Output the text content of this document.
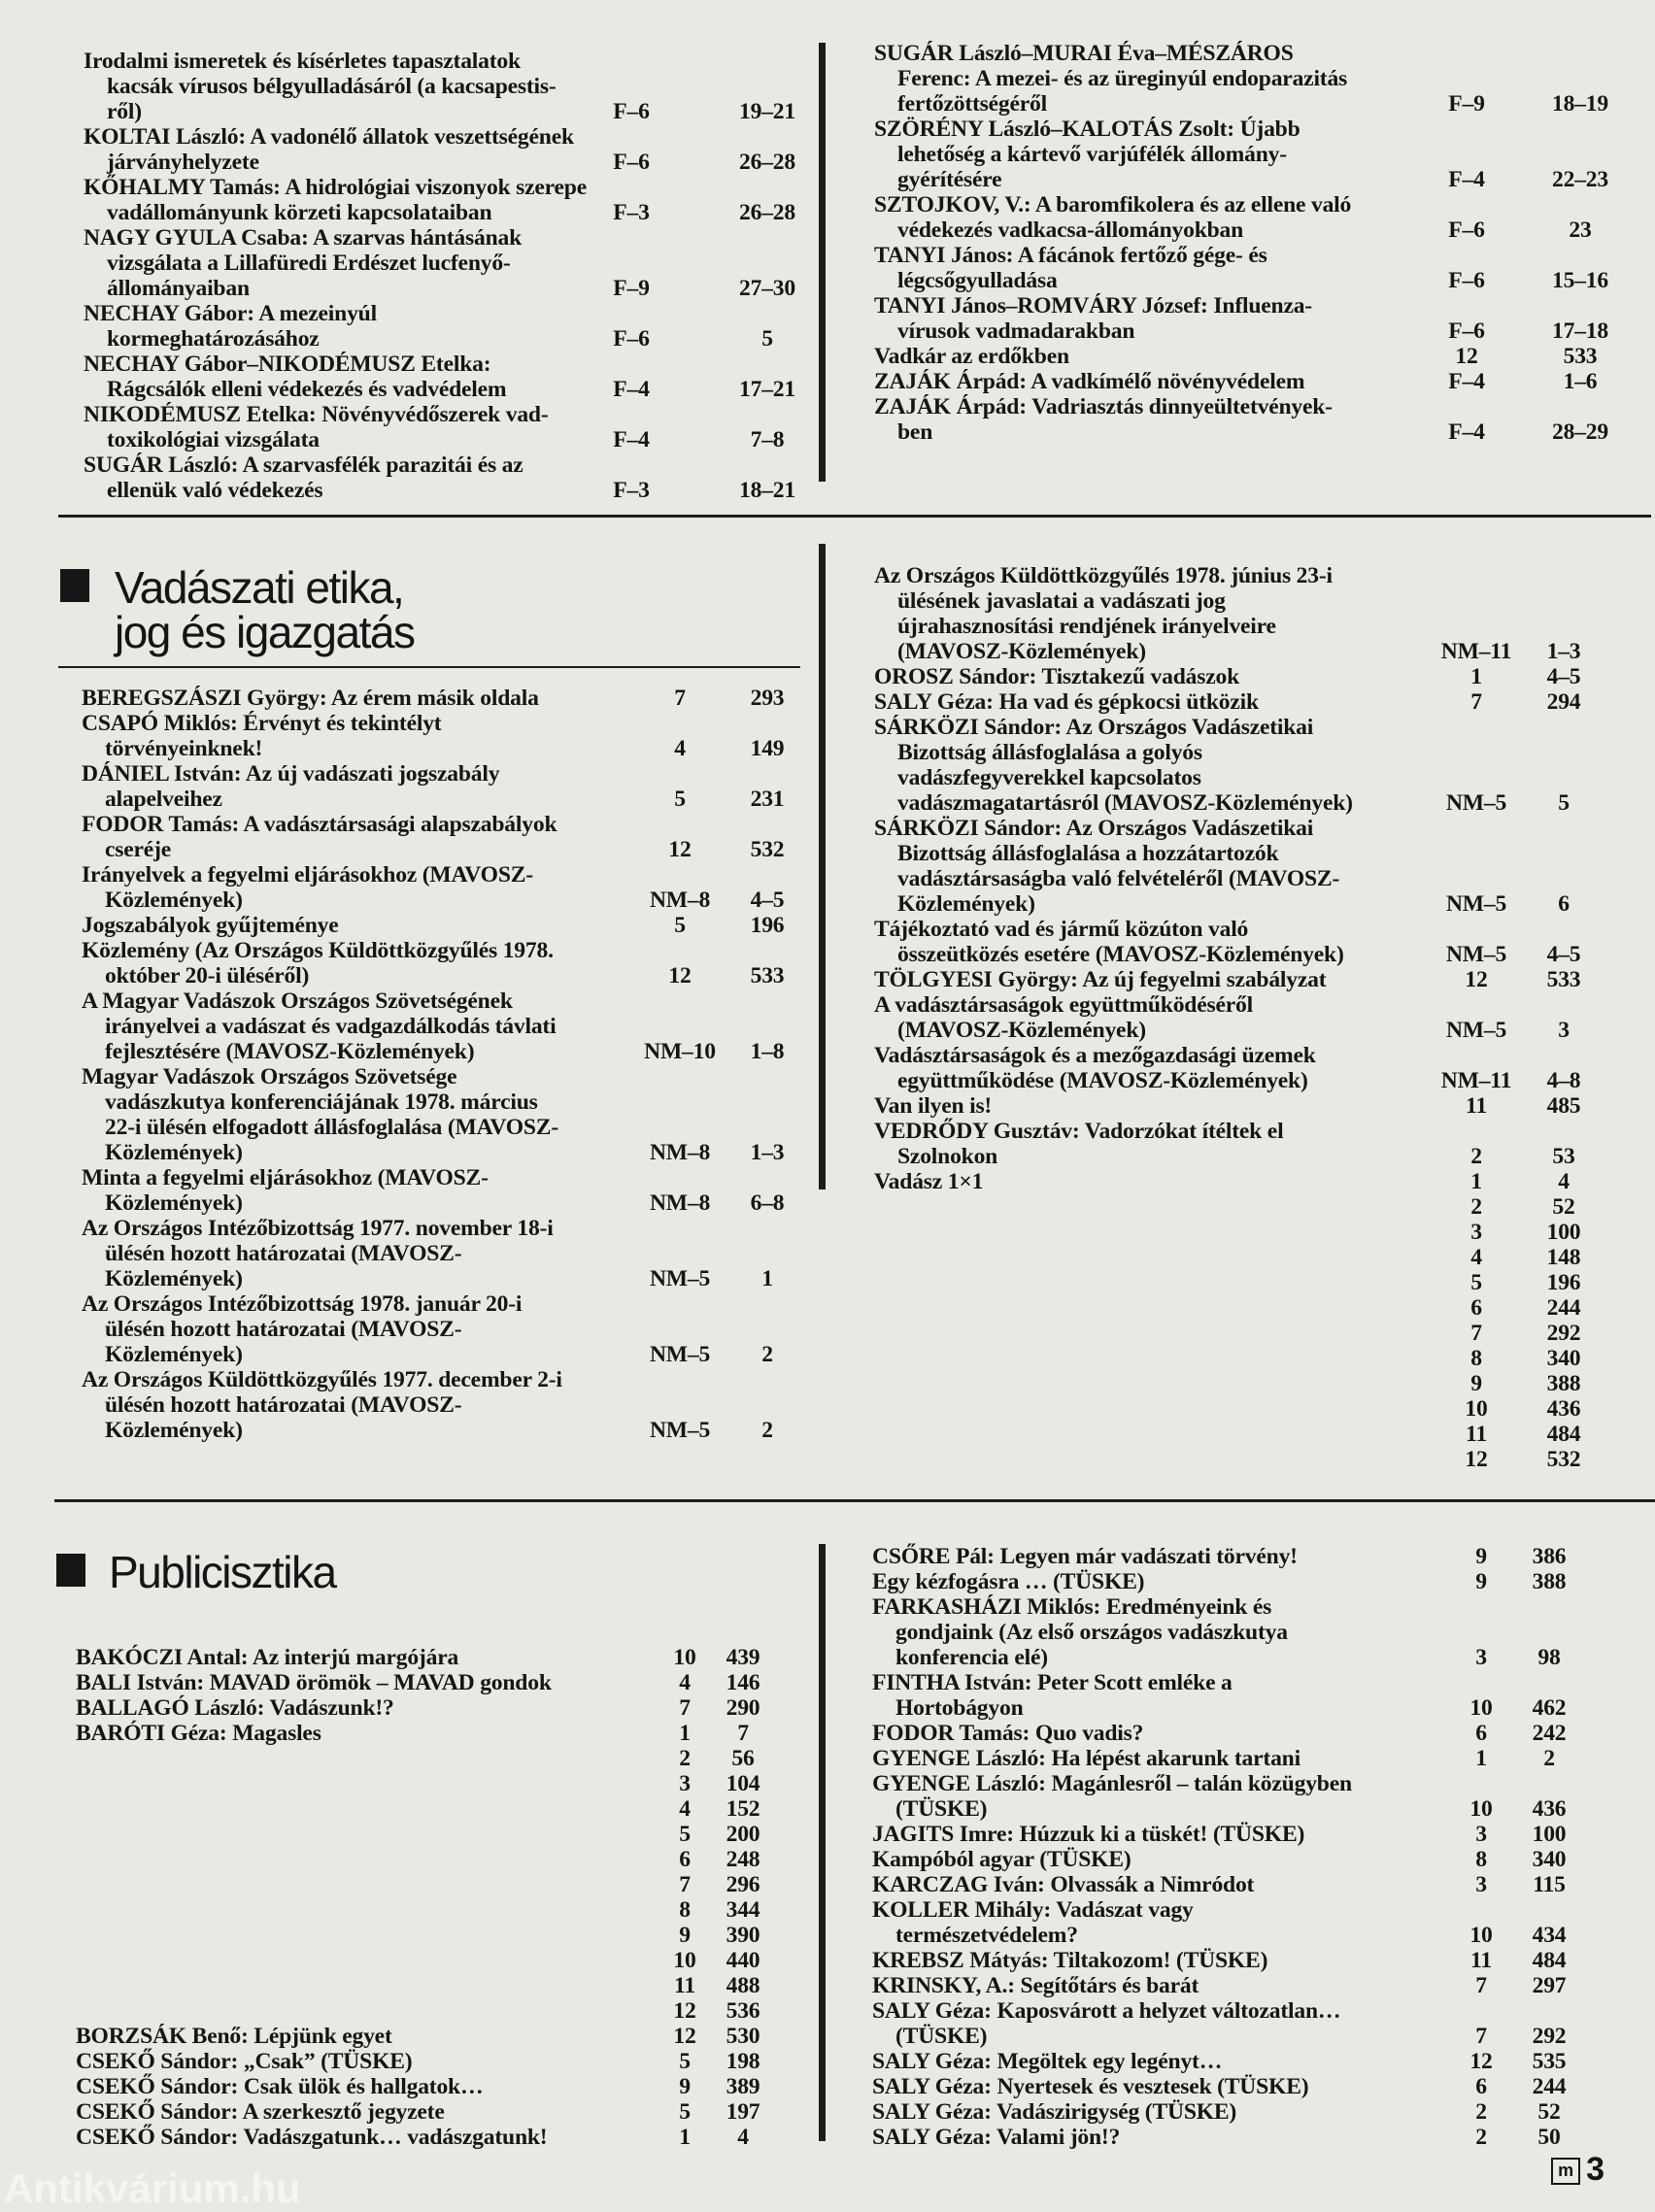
Vadászati etika,
jog és igazgatás
Publicisztika
Irodalmi ismeretek és kísérletes tapasztalatok kacsák vírusos bélgyulladásáról (a kacsapestis-ről)	F–6	19–21
KOLTAI László: A vadonélő állatok veszettségének járványhelyzete	F–6	26–28
KŐHALMY Tamás: A hidrológiai viszonyok szerepe vadállományunk körzeti kapcsolataiban	F–3	26–28
NAGY GYULA Csaba: A szarvas hántásának vizsgálata a Lillafüredi Erdészet lucfenyő-állományaiban	F–9	27–30
NECHAY Gábor: A mezeinyúl kormeghatározásához	F–6	5
NECHAY Gábor–NIKODÉMUSZ Etelka: Rágcsálók elleni védekezés és vadvédelem	F–4	17–21
NIKODÉMUSZ Etelka: Növényvédőszerek vad-toxikológiai vizsgálata	F–4	7–8
SUGÁR László: A szarvasfélék parazitái és az ellenük való védekezés	F–3	18–21
SUGÁR László–MURAI Éva–MÉSZÁROS Ferenc: A mezei- és az üreginyúl endoparazitás fertőzöttségéről	F–9	18–19
SZÖRÉNY László–KALOTÁS Zsolt: Újabb lehetőség a kártevő varjúfélék állomány-gyérítésére	F–4	22–23
SZTOJKOV, V.: A baromfikolera és az ellene való védekezés vadkacsa-állományokban	F–6	23
TANYI János: A fácánok fertőző gége- és légcsőgyulladása	F–6	15–16
TANYI János–ROMVÁRY József: Influenza-vírusok vadmadarakban	F–6	17–18
Vadkár az erdőkben	12	533
ZAJÁK Árpád: A vadkímélő növényvédelem	F–4	1–6
ZAJÁK Árpád: Vadriasztás dinnyeültetvények-ben	F–4	28–29
BEREGSZÁSZI György: Az érem másik oldala	7	293
CSAPÓ Miklós: Érvényt és tekintélyt törvényeinknek!	4	149
DÁNIEL István: Az új vadászati jogszabály alapelveihez	5	231
FODOR Tamás: A vadásztársasági alapszabályok cseréje	12	532
Irányelvek a fegyelmi eljárásokhoz (MAVOSZ-Közlemények)	NM–8	4–5
Jogszabályok gyűjteménye	5	196
Közlemény (Az Országos Küldöttközgyűlés 1978. október 20-i üléséről)	12	533
A Magyar Vadászok Országos Szövetségének irányelvei a vadászat és vadgazdálkodás távlati fejlesztésére (MAVOSZ-Közlemények)	NM–10	1–8
Magyar Vadászok Országos Szövetsége vadászkutya konferenciájának 1978. március 22-i ülésén elfogadott állásfoglalása (MAVOSZ-Közlemények)	NM–8	1–3
Minta a fegyelmi eljárásokhoz (MAVOSZ-Közlemények)	NM–8	6–8
Az Országos Intézőbizottság 1977. november 18-i ülésén hozott határozatai (MAVOSZ-Közlemények)	NM–5	1
Az Országos Intézőbizottság 1978. január 20-i ülésén hozott határozatai (MAVOSZ-Közlemények)	NM–5	2
Az Országos Küldöttközgyűlés 1977. december 2-i ülésén hozott határozatai (MAVOSZ-Közlemények)	NM–5	2
Az Országos Küldöttközgyűlés 1978. június 23-i ülésének javaslatai a vadászati jog újrahasznosítási rendjének irányelveire (MAVOSZ-Közlemények)	NM–11	1–3
OROSZ Sándor: Tisztakezű vadászok	1	4–5
SALY Géza: Ha vad és gépkocsi ütközik	7	294
SÁRKÖZI Sándor: Az Országos Vadászetikai Bizottság állásfoglalása a golyós vadászfegyverekkel kapcsolatos vadászmagatartásról (MAVOSZ-Közlemények)	NM–5	5
SÁRKÖZI Sándor: Az Országos Vadászetikai Bizottság állásfoglalása a hozzátartozók vadásztársaságba való felvételéről (MAVOSZ-Közlemények)	NM–5	6
Tájékoztató vad és jármű közúton való összeütközés esetére (MAVOSZ-Közlemények)	NM–5	4–5
TÖLGYESI György: Az új fegyelmi szabályzat	12	533
A vadásztársaságok együttműködéséről (MAVOSZ-Közlemények)	NM–5	3
Vadásztársaságok és a mezőgazdasági üzemek együttműködése (MAVOSZ-Közlemények)	NM–11	4–8
Van ilyen is!	11	485
VEDRŐDY Gusztáv: Vadorzókat ítéltek el Szolnokon	2	53
Vadász 1×1	1	4

2	52

3	100

4	148

5	196

6	244

7	292

8	340

9	388

10	436

11	484

12	532
BAKÓCZI Antal: Az interjú margójára	10	439
BALI István: MAVAD örömök – MAVAD gondok	4	146
BALLAGÓ László: Vadászunk!?	7	290
BARÓTI Géza: Magasles	1	7

2	56

3	104

4	152

5	200

6	248

7	296

8	344

9	390

10	440

11	488

12	536
BORZSÁK Benő: Lépjünk egyet	12	530
CSEKŐ Sándor: „Csak” (TÜSKE)	5	198
CSEKŐ Sándor: Csak ülök és hallgatok…	9	389
CSEKŐ Sándor: A szerkesztő jegyzete	5	197
CSEKŐ Sándor: Vadászgatunk… vadászgatunk!	1	4
CSŐRE Pál: Legyen már vadászati törvény!	9	386
Egy kézfogásra … (TÜSKE)	9	388
FARKASHÁZI Miklós: Eredményeink és gondjaink (Az első országos vadászkutya konferencia elé)	3	98
FINTHA István: Peter Scott emléke a Hortobágyon	10	462
FODOR Tamás: Quo vadis?	6	242
GYENGE László: Ha lépést akarunk tartani	1	2
GYENGE László: Magánlesről – talán közügyben (TÜSKE)	10	436
JAGITS Imre: Húzzuk ki a tüskét! (TÜSKE)	3	100
Kampóból agyar (TÜSKE)	8	340
KARCZAG Iván: Olvassák a Nimródot	3	115
KOLLER Mihály: Vadászat vagy természetvédelem?	10	434
KREBSZ Mátyás: Tiltakozom! (TÜSKE)	11	484
KRINSKY, A.: Segítőtárs és barát	7	297
SALY Géza: Kaposvárott a helyzet változatlan… (TÜSKE)	7	292
SALY Géza: Megöltek egy legényt…	12	535
SALY Géza: Nyertesek és vesztesek (TÜSKE)	6	244
SALY Géza: Vadászirigység (TÜSKE)	2	52
SALY Géza: Valami jön!?	2	50
m 3
Antikvárium.hu
